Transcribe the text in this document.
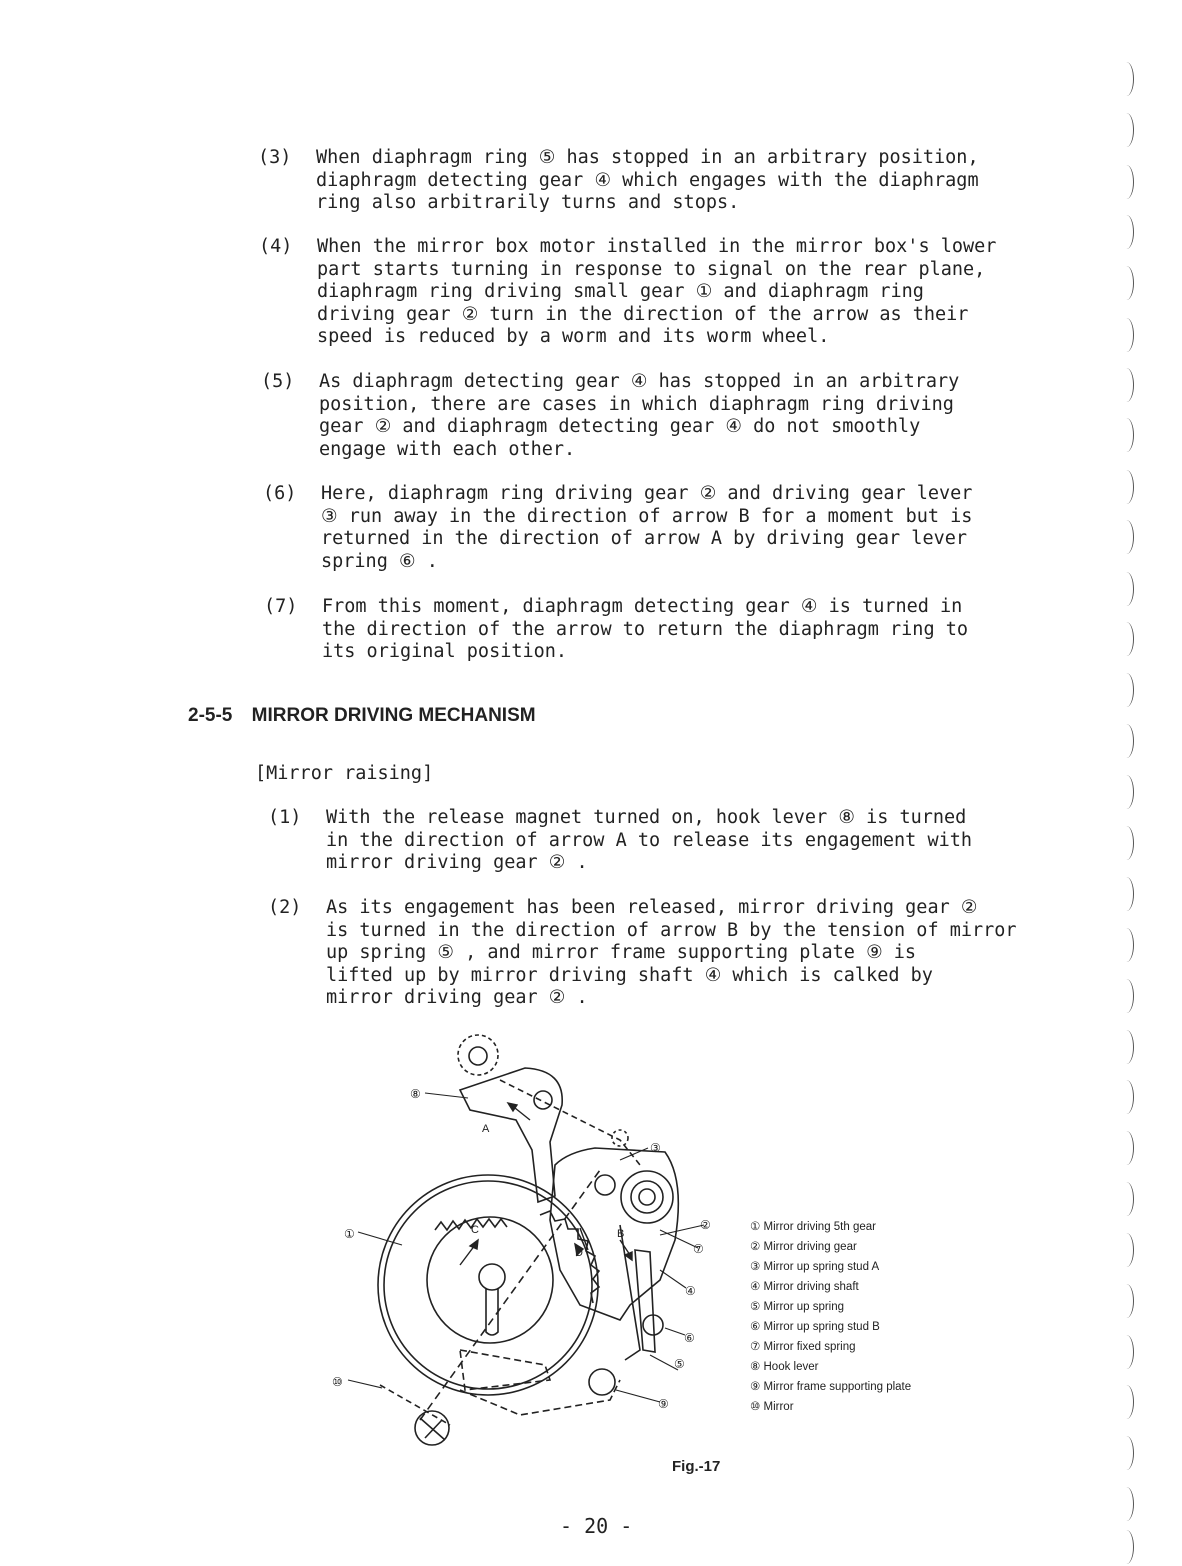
(3) When diaphragm ring ⑤ has stopped in an arbitrary position,
diaphragm detecting gear ④ which engages with the diaphragm
ring also arbitrarily turns and stops.
(4) When the mirror box motor installed in the mirror box's lower
part starts turning in response to signal on the rear plane,
diaphragm ring driving small gear ① and diaphragm ring
driving gear ② turn in the direction of the arrow as their
speed is reduced by a worm and its worm wheel.
(5) As diaphragm detecting gear ④ has stopped in an arbitrary
position, there are cases in which diaphragm ring driving
gear ② and diaphragm detecting gear ④ do not smoothly
engage with each other.
(6) Here, diaphragm ring driving gear ② and driving gear lever
③ run away in the direction of arrow B for a moment but is
returned in the direction of arrow A by driving gear lever
spring ⑥ .
(7) From this moment, diaphragm detecting gear ④ is turned in
the direction of the arrow to return the diaphragm ring to
its original position.
2-5-5 MIRROR DRIVING MECHANISM
[Mirror raising]
(1) With the release magnet turned on, hook lever ⑧ is turned
in the direction of arrow A to release its engagement with
mirror driving gear ② .
(2) As its engagement has been released, mirror driving gear ②
is turned in the direction of arrow B by the tension of mirror
up spring ⑤ , and mirror frame supporting plate ⑨ is
lifted up by mirror driving shaft ④ which is calked by
mirror driving gear ② .
⑧
③
②
⑦
④
⑥
⑤
⑨
①
⑩
A
B
C
D
① Mirror driving 5th gear
② Mirror driving gear
③ Mirror up spring stud A
④ Mirror driving shaft
⑤ Mirror up spring
⑥ Mirror up spring stud B
⑦ Mirror fixed spring
⑧ Hook lever
⑨ Mirror frame supporting plate
⑩ Mirror
Fig.-17
- 20 -
